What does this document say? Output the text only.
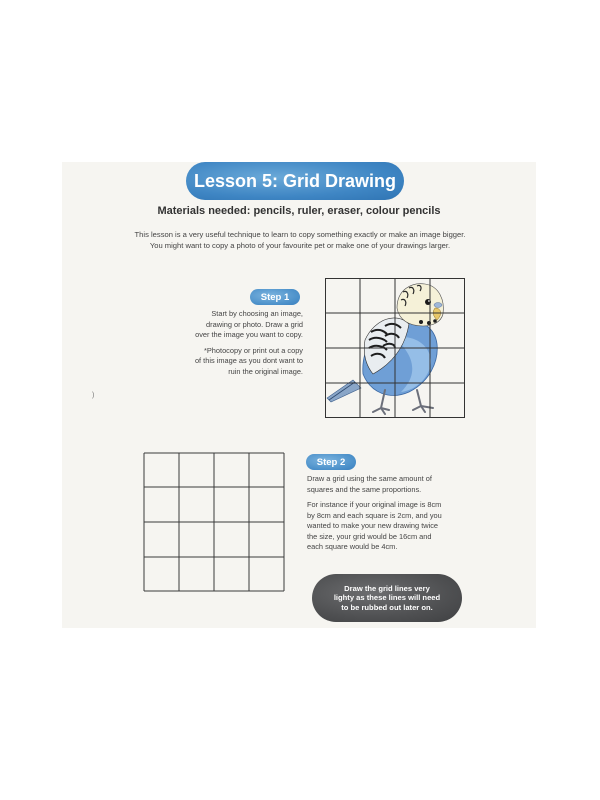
Lesson 5: Grid Drawing
Materials needed: pencils, ruler, eraser, colour pencils
This lesson is a very useful technique to learn to copy something exactly or make an image bigger.
You might want to copy a photo of your favourite pet or make one of your drawings larger.
Step 1

Start by choosing an image,
drawing or photo. Draw a grid
over the image you want to copy.

*Photocopy or print out a copy
of this image as you dont want to
ruin the original image.

Step 2

Draw a grid using the same amount of
squares and the same proportions.

For instance if your original image is 8cm
by 8cm and each square is 2cm, and you
wanted to make your new drawing twice
the size, your grid would be 16cm and
each square would be 4cm.

Draw the grid lines very
lighty as these lines will need
to be rubbed out later on.
)
